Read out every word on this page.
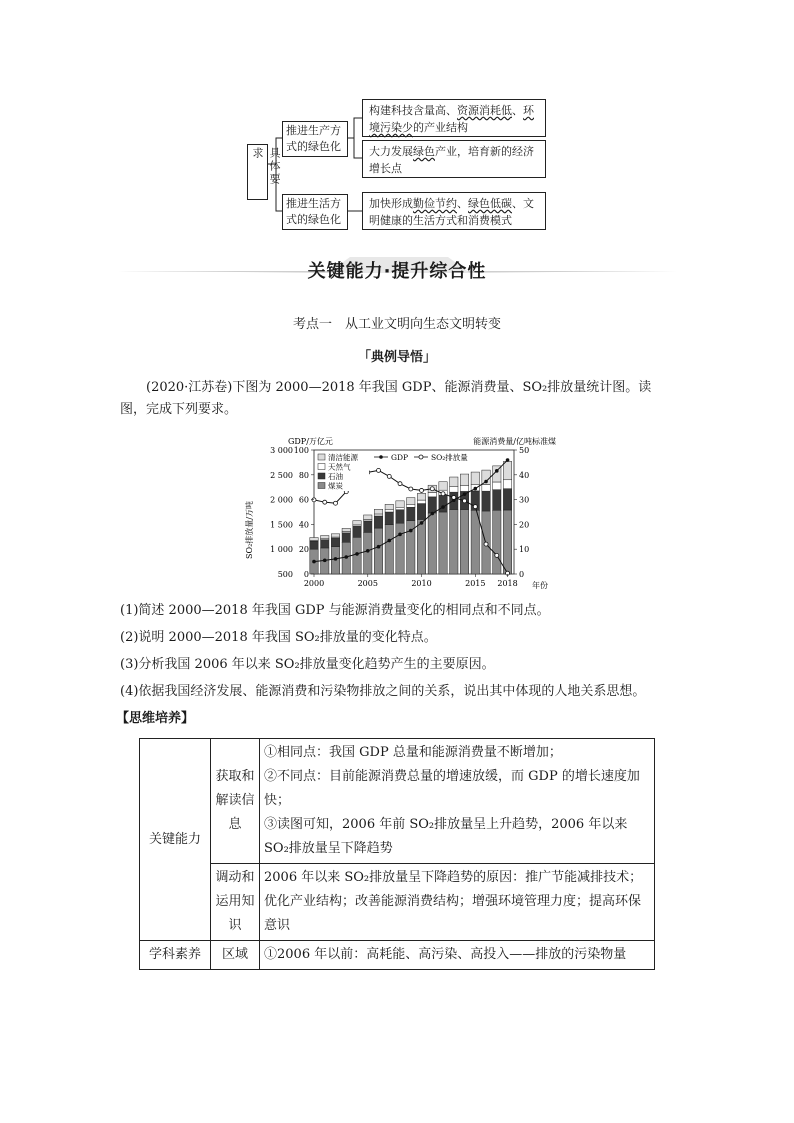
具体要求
推进生产方式的绿色化
推进生活方式的绿色化
构建科技含量高、资源消耗低、环境污染少的产业结构
大力发展绿色产业，培育新的经济增长点
加快形成勤俭节约、绿色低碳、文明健康的生活方式和消费模式
关键能力·提升综合性
考点一　从工业文明向生态文明转变
「典例导悟」
(2020·江苏卷)下图为 2000—2018 年我国 GDP、能源消费量、SO₂排放量统计图。读图，完成下列要求。
0
20
40
60
80
100
500
1 000
1 500
2 000
2 500
3 000
0
10
20
30
40
50
2000	2005	2010	2015 2018
GDP/万亿元	能源消费量/亿吨标准煤
SO₂排放量/万吨
年份
清洁能源
天然气
石油
煤炭
GDP	SO₂排放量
(1)简述 2000—2018 年我国 GDP 与能源消费量变化的相同点和不同点。
(2)说明 2000—2018 年我国 SO₂排放量的变化特点。
(3)分析我国 2006 年以来 SO₂排放量变化趋势产生的主要原因。
(4)依据我国经济发展、能源消费和污染物排放之间的关系，说出其中体现的人地关系思想。
【思维培养】
关键能力	获取和解读信息	①相同点：我国 GDP 总量和能源消费量不断增加；
②不同点：目前能源消费总量的增速放缓，而 GDP 的增长速度加快；
③读图可知，2006 年前 SO₂排放量呈上升趋势，2006 年以来 SO₂排放量呈下降趋势

	调动和运用知识	2006 年以来 SO₂排放量呈下降趋势的原因：推广节能减排技术；优化产业结构；改善能源消费结构；增强环境管理力度；提高环保意识
学科素养	区域	①2006 年以前：高耗能、高污染、高投入——排放的污染物量
